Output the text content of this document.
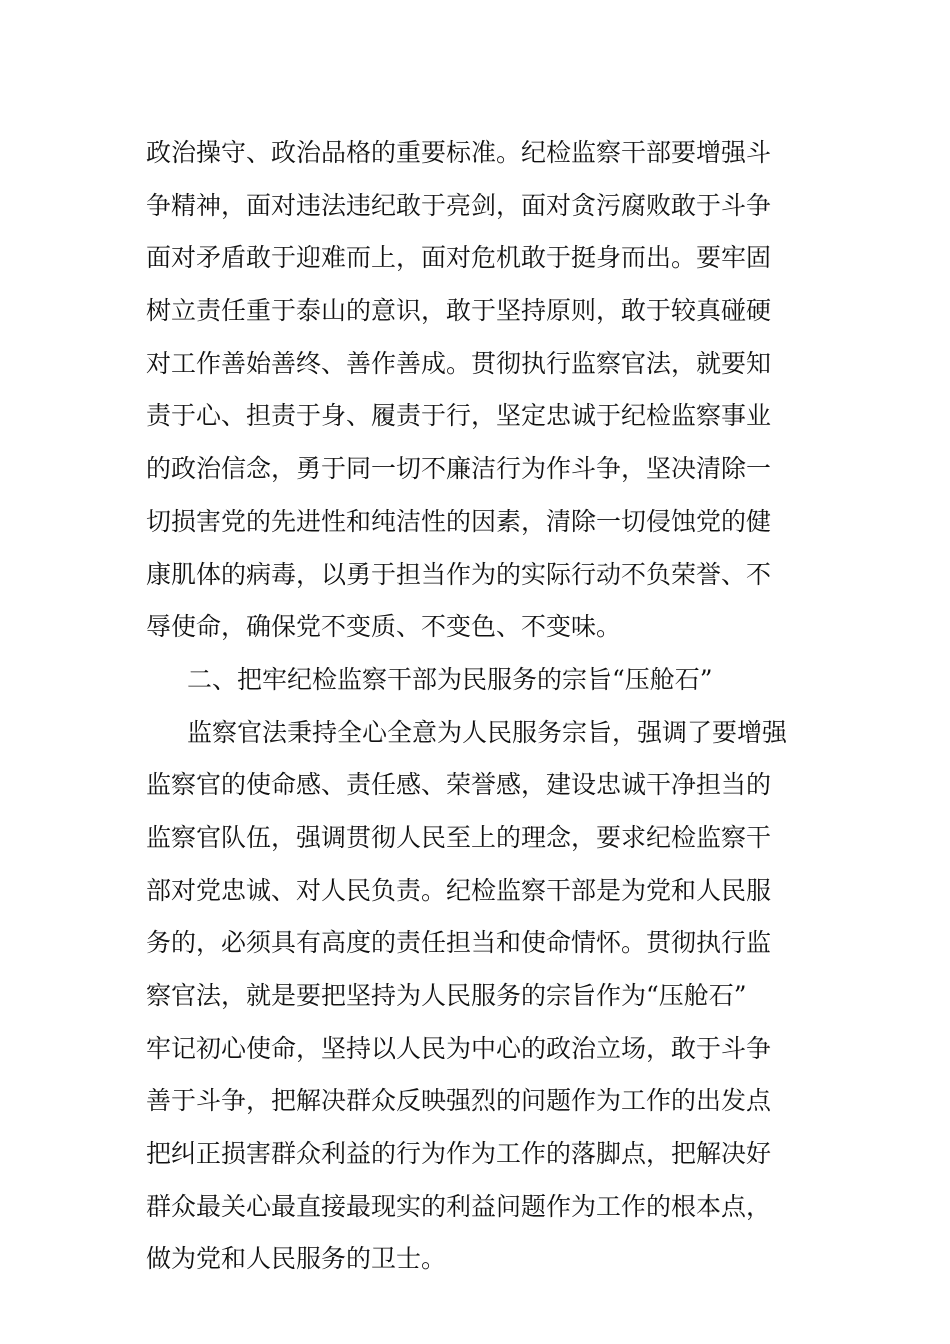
政治操守、政治品格的重要标准。纪检监察干部要增强斗
争精神，面对违法违纪敢于亮剑，面对贪污腐败敢于斗争
面对矛盾敢于迎难而上，面对危机敢于挺身而出。要牢固
树立责任重于泰山的意识，敢于坚持原则，敢于较真碰硬
对工作善始善终、善作善成。贯彻执行监察官法，就要知
责于心、担责于身、履责于行，坚定忠诚于纪检监察事业
的政治信念，勇于同一切不廉洁行为作斗争，坚决清除一
切损害党的先进性和纯洁性的因素，清除一切侵蚀党的健
康肌体的病毒，以勇于担当作为的实际行动不负荣誉、不
辱使命，确保党不变质、不变色、不变味。
二、把牢纪检监察干部为民服务的宗旨“压舱石”
监察官法秉持全心全意为人民服务宗旨，强调了要增强
监察官的使命感、责任感、荣誉感，建设忠诚干净担当的
监察官队伍，强调贯彻人民至上的理念，要求纪检监察干
部对党忠诚、对人民负责。纪检监察干部是为党和人民服
务的，必须具有高度的责任担当和使命情怀。贯彻执行监
察官法，就是要把坚持为人民服务的宗旨作为“压舱石”
牢记初心使命，坚持以人民为中心的政治立场，敢于斗争
善于斗争，把解决群众反映强烈的问题作为工作的出发点
把纠正损害群众利益的行为作为工作的落脚点，把解决好
群众最关心最直接最现实的利益问题作为工作的根本点，
做为党和人民服务的卫士。
